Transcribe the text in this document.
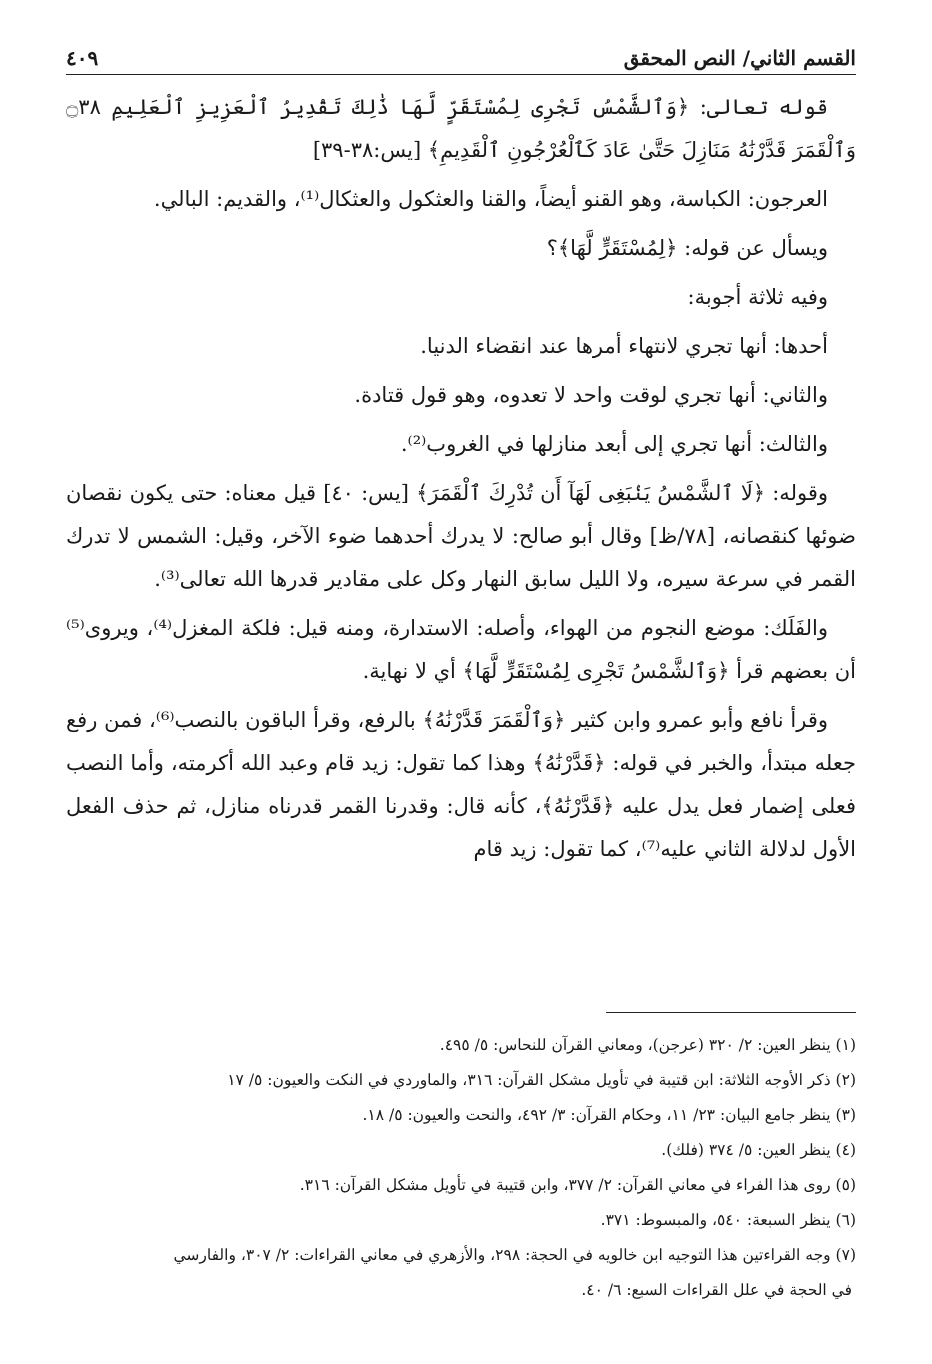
القسم الثاني/ النص المحقق
٤٠٩

قوله تعالى: ﴿وَٱلشَّمْسُ تَجْرِى لِمُسْتَقَرٍّ لَّهَا ذَٰلِكَ تَقْدِيرُ ٱلْعَزِيزِ ٱلْعَلِيمِ ۝٣٨ وَٱلْقَمَرَ قَدَّرْنَٰهُ مَنَازِلَ حَتَّىٰ عَادَ كَٱلْعُرْجُونِ ٱلْقَدِيمِ﴾ [يس:٣٨-٣٩]

العرجون: الكباسة، وهو القنو أيضاً، والقنا والعثكول والعثكال⁽¹⁾، والقديم: البالي.

ويسأل عن قوله: ﴿لِمُسْتَقَرٍّ لَّهَا﴾؟

وفيه ثلاثة أجوبة:

أحدها: أنها تجري لانتهاء أمرها عند انقضاء الدنيا.

والثاني: أنها تجري لوقت واحد لا تعدوه، وهو قول قتادة.

والثالث: أنها تجري إلى أبعد منازلها في الغروب⁽²⁾.

وقوله: ﴿لَا ٱلشَّمْسُ يَنۢبَغِى لَهَآ أَن تُدْرِكَ ٱلْقَمَرَ﴾ [يس: ٤٠] قيل معناه: حتى يكون نقصان ضوئها كنقصانه، [٧٨/ظ] وقال أبو صالح: لا يدرك أحدهما ضوء الآخر، وقيل: الشمس لا تدرك القمر في سرعة سيره، ولا الليل سابق النهار وكل على مقادير قدرها الله تعالى⁽³⁾.

والفَلَك: موضع النجوم من الهواء، وأصله: الاستدارة، ومنه قيل: فلكة المغزل⁽⁴⁾، ويروى⁽⁵⁾ أن بعضهم قرأ ﴿وَٱلشَّمْسُ تَجْرِى لِمُسْتَقَرٍّ لَّهَا﴾ أي لا نهاية.

وقرأ نافع وأبو عمرو وابن كثير ﴿وَٱلْقَمَرَ قَدَّرْنَٰهُ﴾ بالرفع، وقرأ الباقون بالنصب⁽⁶⁾، فمن رفع جعله مبتدأ، والخبر في قوله: ﴿قَدَّرْنَٰهُ﴾ وهذا كما تقول: زيد قام وعبد الله أكرمته، وأما النصب فعلى إضمار فعل يدل عليه ﴿قَدَّرْنَٰهُ﴾، كأنه قال: وقدرنا القمر قدرناه منازل، ثم حذف الفعل الأول لدلالة الثاني عليه⁽⁷⁾، كما تقول: زيد قام

(١) ينظر العين: ٢/ ٣٢٠ (عرجن)، ومعاني القرآن للنحاس: ٥/ ٤٩٥.
(٢) ذكر الأوجه الثلاثة: ابن قتيبة في تأويل مشكل القرآن: ٣١٦، والماوردي في النكت والعيون: ٥/ ١٧
(٣) ينظر جامع البيان: ٢٣/ ١١، وحكام القرآن: ٣/ ٤٩٢، والنحت والعيون: ٥/ ١٨.
(٤) ينظر العين: ٥/ ٣٧٤ (فلك).
(٥) روى هذا الفراء في معاني القرآن: ٢/ ٣٧٧، وابن قتيبة في تأويل مشكل القرآن: ٣١٦.
(٦) ينظر السبعة: ٥٤٠، والمبسوط: ٣٧١.
(٧) وجه القراءتين هذا التوجيه ابن خالويه في الحجة: ٢٩٨، والأزهري في معاني القراءات: ٢/ ٣٠٧، والفارسي
في الحجة في علل القراءات السبع: ٦/ ٤٠.
